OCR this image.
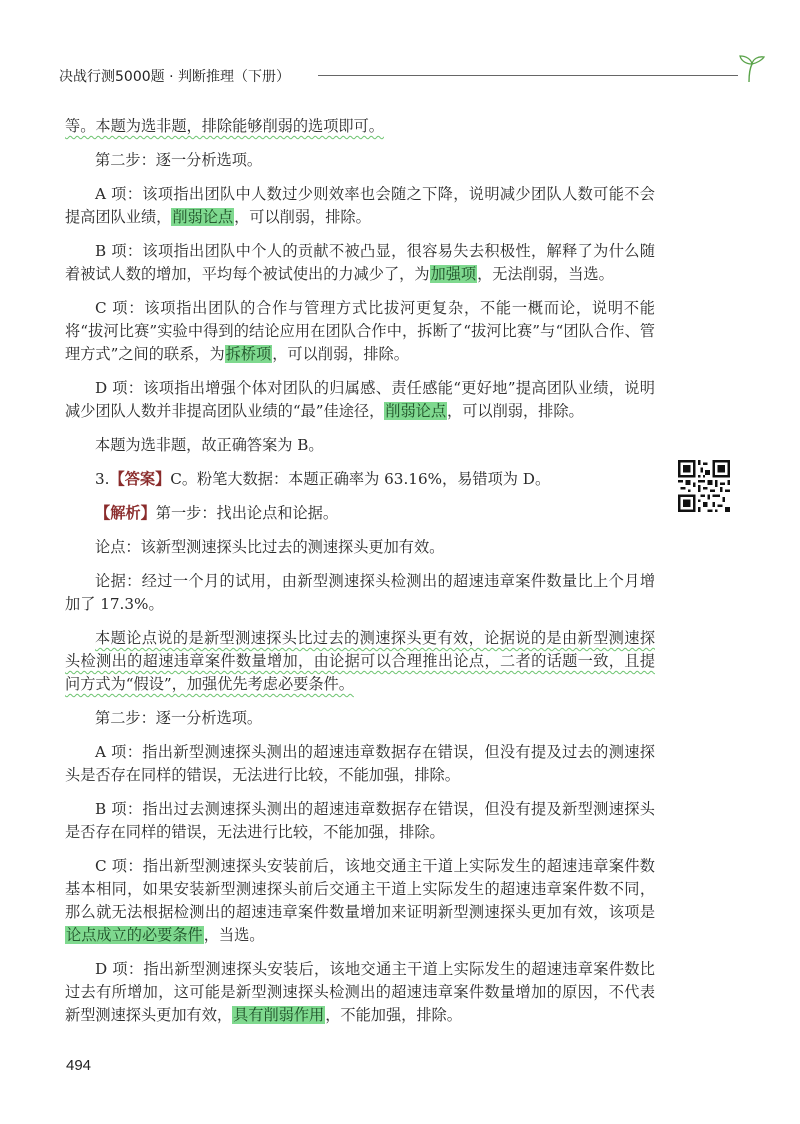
决战行测5000题 · 判断推理（下册）

等。本题为选非题，排除能够削弱的选项即可。

第二步：逐一分析选项。

A 项：该项指出团队中人数过少则效率也会随之下降，说明减少团队人数可能不会提高团队业绩，削弱论点，可以削弱，排除。

B 项：该项指出团队中个人的贡献不被凸显，很容易失去积极性，解释了为什么随着被试人数的增加，平均每个被试使出的力减少了，为加强项，无法削弱，当选。

C 项：该项指出团队的合作与管理方式比拔河更复杂，不能一概而论，说明不能将“拔河比赛”实验中得到的结论应用在团队合作中，拆断了“拔河比赛”与“团队合作、管理方式”之间的联系，为拆桥项，可以削弱，排除。

D 项：该项指出增强个体对团队的归属感、责任感能“更好地”提高团队业绩，说明减少团队人数并非提高团队业绩的“最”佳途径，削弱论点，可以削弱，排除。

本题为选非题，故正确答案为 B。

3.【答案】C。粉笔大数据：本题正确率为 63.16%，易错项为 D。

【解析】第一步：找出论点和论据。

论点：该新型测速探头比过去的测速探头更加有效。

论据：经过一个月的试用，由新型测速探头检测出的超速违章案件数量比上个月增加了 17.3%。

本题论点说的是新型测速探头比过去的测速探头更有效，论据说的是由新型测速探头检测出的超速违章案件数量增加，由论据可以合理推出论点，二者的话题一致，且提问方式为“假设”，加强优先考虑必要条件。

第二步：逐一分析选项。

A 项：指出新型测速探头测出的超速违章数据存在错误，但没有提及过去的测速探头是否存在同样的错误，无法进行比较，不能加强，排除。

B 项：指出过去测速探头测出的超速违章数据存在错误，但没有提及新型测速探头是否存在同样的错误，无法进行比较，不能加强，排除。

C 项：指出新型测速探头安装前后，该地交通主干道上实际发生的超速违章案件数基本相同，如果安装新型测速探头前后交通主干道上实际发生的超速违章案件数不同，那么就无法根据检测出的超速违章案件数量增加来证明新型测速探头更加有效，该项是论点成立的必要条件，当选。

D 项：指出新型测速探头安装后，该地交通主干道上实际发生的超速违章案件数比过去有所增加，这可能是新型测速探头检测出的超速违章案件数量增加的原因，不代表新型测速探头更加有效，具有削弱作用，不能加强，排除。

494
